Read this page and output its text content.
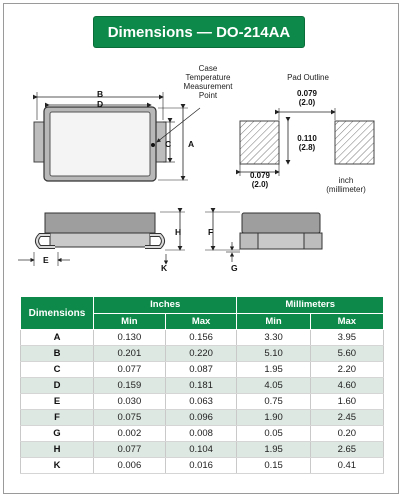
Dimensions — DO-214AA
B
D
A
C
H	F
E
K	G
Case
Temperature
Measurement
Point
Pad Outline
0.079
(2.0)
0.110
(2.8)
0.079
(2.0)	inch
(millimeter)
Dimensions	Inches		Millimeters	
	Min	Max	Min	Max
A	0.130	0.156	3.30	3.95
B	0.201	0.220	5.10	5.60
C	0.077	0.087	1.95	2.20
D	0.159	0.181	4.05	4.60
E	0.030	0.063	0.75	1.60
F	0.075	0.096	1.90	2.45
G	0.002	0.008	0.05	0.20
H	0.077	0.104	1.95	2.65
K	0.006	0.016	0.15	0.41
